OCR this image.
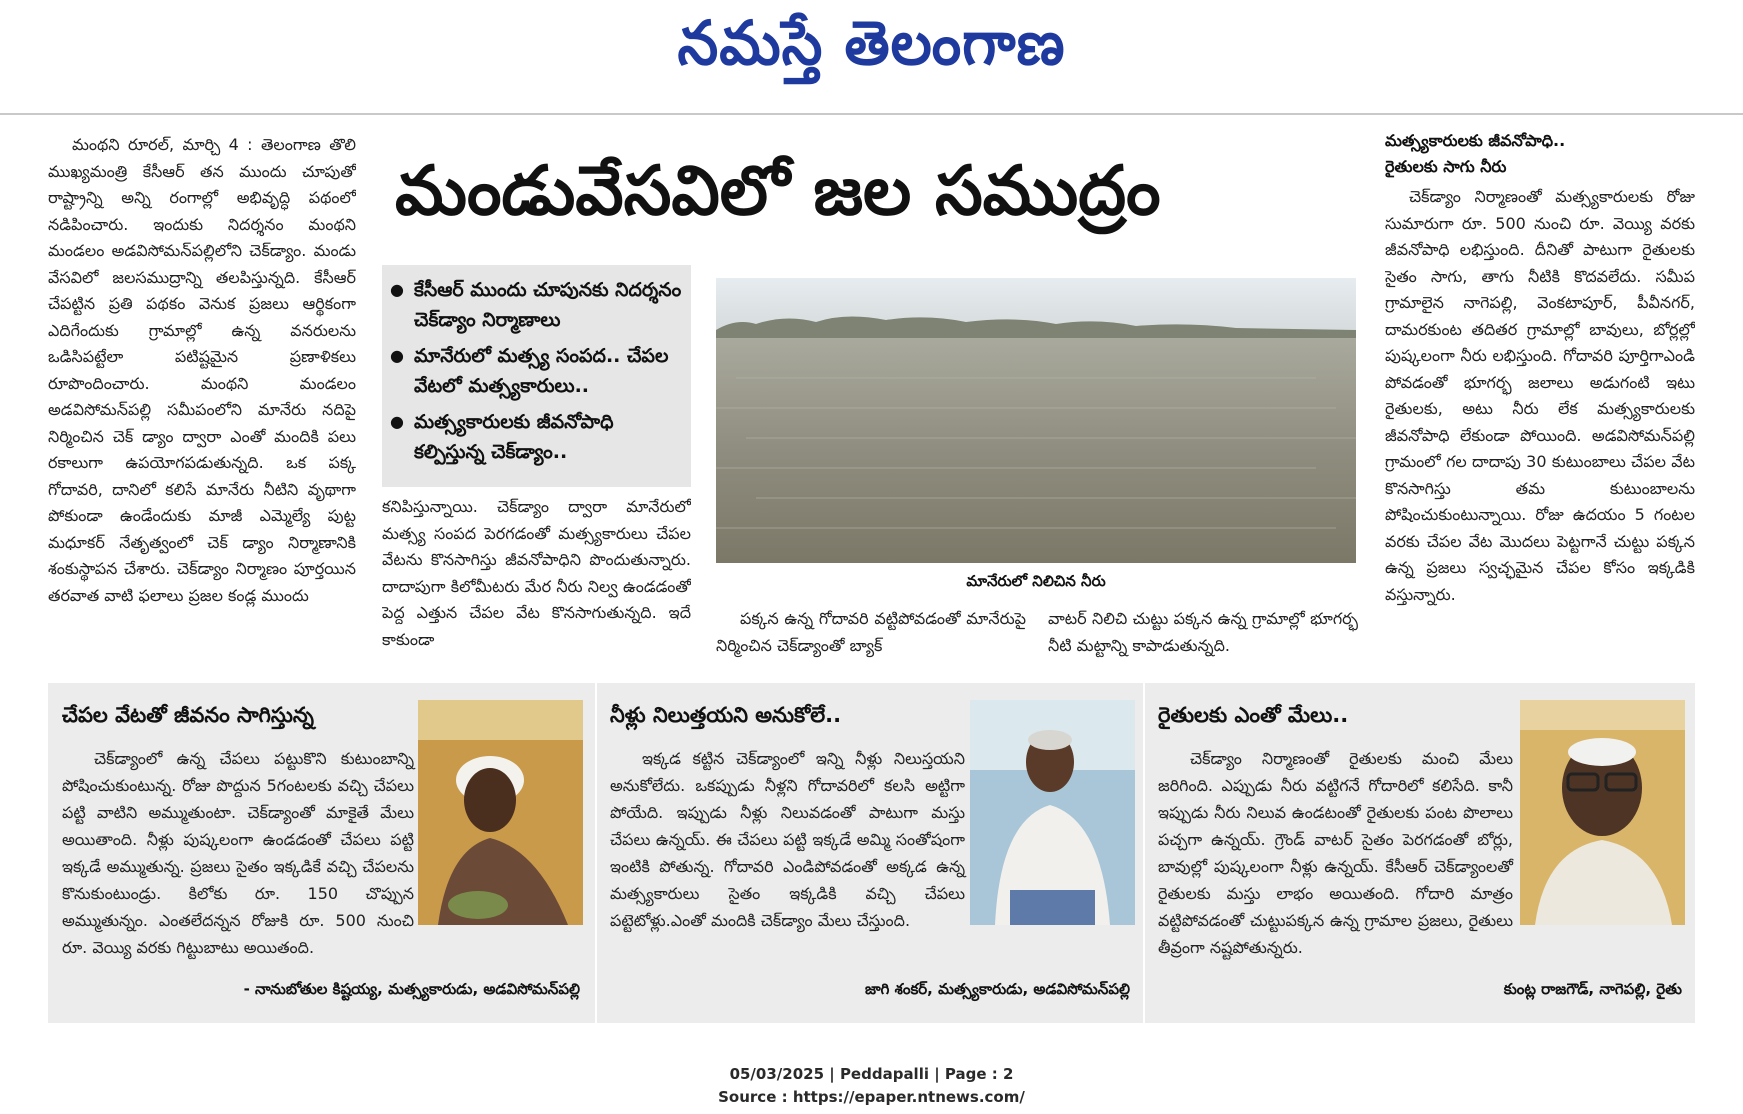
నమస్తే తెలంగాణ

మంథని రూరల్, మార్చి 4 : తెలంగాణ తొలి ముఖ్యమంత్రి కేసీఆర్ తన ముందు చూపుతో రాష్ట్రాన్ని అన్ని రంగాల్లో అభివృద్ధి పథంలో నడిపించారు. ఇందుకు నిదర్శనం మంథని మండలం అడవిసోమన్‌పల్లిలోని చెక్‌డ్యాం. మండు వేసవిలో జలసముద్రాన్ని తలపిస్తున్నది. కేసీఆర్ చేపట్టిన ప్రతి పథకం వెనుక ప్రజలు ఆర్థికంగా ఎదిగేందుకు గ్రామాల్లో ఉన్న వనరులను ఒడిసిపట్టేలా పటిష్టమైన ప్రణాళికలు రూపొందించారు. మంథని మండలం అడవిసోమన్‌పల్లి సమీపంలోని మానేరు నదిపై నిర్మించిన చెక్ డ్యాం ద్వారా ఎంతో మందికి పలు రకాలుగా ఉపయోగపడుతున్నది. ఒక పక్క గోదావరి, దానిలో కలిసే మానేరు నీటిని వృథాగా పోకుండా ఉండేందుకు మాజీ ఎమ్మెల్యే పుట్ట మధూకర్ నేతృత్వంలో చెక్ డ్యాం నిర్మాణానికి శంకుస్థాపన చేశారు. చెక్‌డ్యాం నిర్మాణం పూర్తయిన తరవాత వాటి ఫలాలు ప్రజల కండ్ల ముందు

మండువేసవిలో జల సముద్రం
● కేసీఆర్ ముందు చూపునకు నిదర్శనం చెక్‌డ్యాం నిర్మాణాలు
● మానేరులో మత్స్య సంపద.. చేపల వేటలో మత్స్యకారులు..
● మత్స్యకారులకు జీవనోపాధి కల్పిస్తున్న చెక్‌డ్యాం..

కనిపిస్తున్నాయి. చెక్‌డ్యాం ద్వారా మానేరులో మత్స్య సంపద పెరగడంతో మత్స్యకారులు చేపల వేటను కొనసాగిస్తు జీవనోపాధిని పొందుతున్నారు. దాదాపుగా కిలోమీటరు మేర నీరు నిల్వ ఉండడంతో పెద్ద ఎత్తున చేపల వేట కొనసాగుతున్నది. ఇదే కాకుండా

మానేరులో నిలిచిన నీరు

పక్కన ఉన్న గోదావరి వట్టిపోవడంతో మానేరుపై నిర్మించిన చెక్‌డ్యాంతో బ్యాక్

వాటర్ నిలిచి చుట్టు పక్కన ఉన్న గ్రామాల్లో భూగర్భ నీటి మట్టాన్ని కాపాడుతున్నది.

మత్స్యకారులకు జీవనోపాధి..
రైతులకు సాగు నీరు

చెక్‌డ్యాం నిర్మాణంతో మత్స్యకారులకు రోజు సుమారుగా రూ. 500 నుంచి రూ. వెయ్యి వరకు జీవనోపాధి లభిస్తుంది. దీనితో పాటుగా రైతులకు సైతం సాగు, తాగు నీటికి కొదవలేదు. సమీప గ్రామాలైన నాగెపల్లి, వెంకటాపూర్, పీవీనగర్, దామరకుంట తదితర గ్రామాల్లో బావులు, బోర్లల్లో పుష్కలంగా నీరు లభిస్తుంది. గోదావరి పూర్తిగాఎండి పోవడంతో భూగర్భ జలాలు అడుగంటి ఇటు రైతులకు, అటు నీరు లేక మత్స్యకారులకు జీవనోపాధి లేకుండా పోయింది. అడవిసోమన్‌పల్లి గ్రామంలో గల దాదాపు 30 కుటుంబాలు చేపల వేట కొనసాగిస్తు తమ కుటుంబాలను పోషించుకుంటున్నాయి. రోజు ఉదయం 5 గంటల వరకు చేపల వేట మొదలు పెట్టగానే చుట్టు పక్కన ఉన్న ప్రజలు స్వచ్ఛమైన చేపల కోసం ఇక్కడికి వస్తున్నారు.

చేపల వేటతో జీవనం సాగిస్తున్న

చెక్‌డ్యాంలో ఉన్న చేపలు పట్టుకొని కుటుంబాన్ని పోషించుకుంటున్న. రోజు పొద్దున 5గంటలకు వచ్చి చేపలు పట్టి వాటిని అమ్ముతుంటా. చెక్‌డ్యాంతో మాకైతే మేలు అయితాంది. నీళ్లు పుష్కలంగా ఉండడంతో చేపలు పట్టి ఇక్కడే అమ్ముతున్న. ప్రజలు సైతం ఇక్కడికే వచ్చి చేపలను కొనుకుంటుండ్రు. కిలోకు రూ. 150 చొప్పున అమ్ముతున్నం. ఎంతలేదన్నన రోజుకి రూ. 500 నుంచి రూ. వెయ్యి వరకు గిట్టుబాటు అయితంది.

- నానుబోతుల కిష్టయ్య, మత్స్యకారుడు, అడవిసోమన్‌పల్లి
నీళ్లు నిలుత్తయని అనుకోలే..

ఇక్కడ కట్టిన చెక్‌డ్యాంలో ఇన్ని నీళ్లు నిలుస్తయని అనుకోలేదు. ఒకప్పుడు నీళ్లని గోదావరిలో కలసి అట్టిగా పోయేది. ఇప్పుడు నీళ్లు నిలువడంతో పాటుగా మస్తు చేపలు ఉన్నయ్. ఈ చేపలు పట్టి ఇక్కడే అమ్మి సంతోషంగా ఇంటికి పోతున్న. గోదావరి ఎండిపోవడంతో అక్కడ ఉన్న మత్స్యకారులు సైతం ఇక్కడికి వచ్చి చేపలు పట్టెటోళ్లు.ఎంతో మందికి చెక్‌డ్యాం మేలు చేస్తుంది.

జాగి శంకర్, మత్స్యకారుడు, అడవిసోమన్‌పల్లి
రైతులకు ఎంతో మేలు..

చెక్‌డ్యాం నిర్మాణంతో రైతులకు మంచి మేలు జరిగింది. ఎప్పుడు నీరు వట్టిగనే గోదారిలో కలిసేది. కానీ ఇప్పుడు నీరు నిలువ ఉండటంతో రైతులకు పంట పొలాలు పచ్చగా ఉన్నయ్. గ్రౌండ్ వాటర్ సైతం పెరగడంతో బోర్లు, బావుల్లో పుష్కలంగా నీళ్లు ఉన్నయ్. కేసీఆర్ చెక్‌డ్యాంలతో రైతులకు మస్తు లాభం అయితంది. గోదారి మాత్రం వట్టిపోవడంతో చుట్టుపక్కన ఉన్న గ్రామాల ప్రజలు, రైతులు తీవ్రంగా నష్టపోతున్నరు.

కుంట్ల రాజగౌడ్, నాగెపల్లి, రైతు
05/03/2025 | Peddapalli | Page : 2
Source : https://epaper.ntnews.com/
